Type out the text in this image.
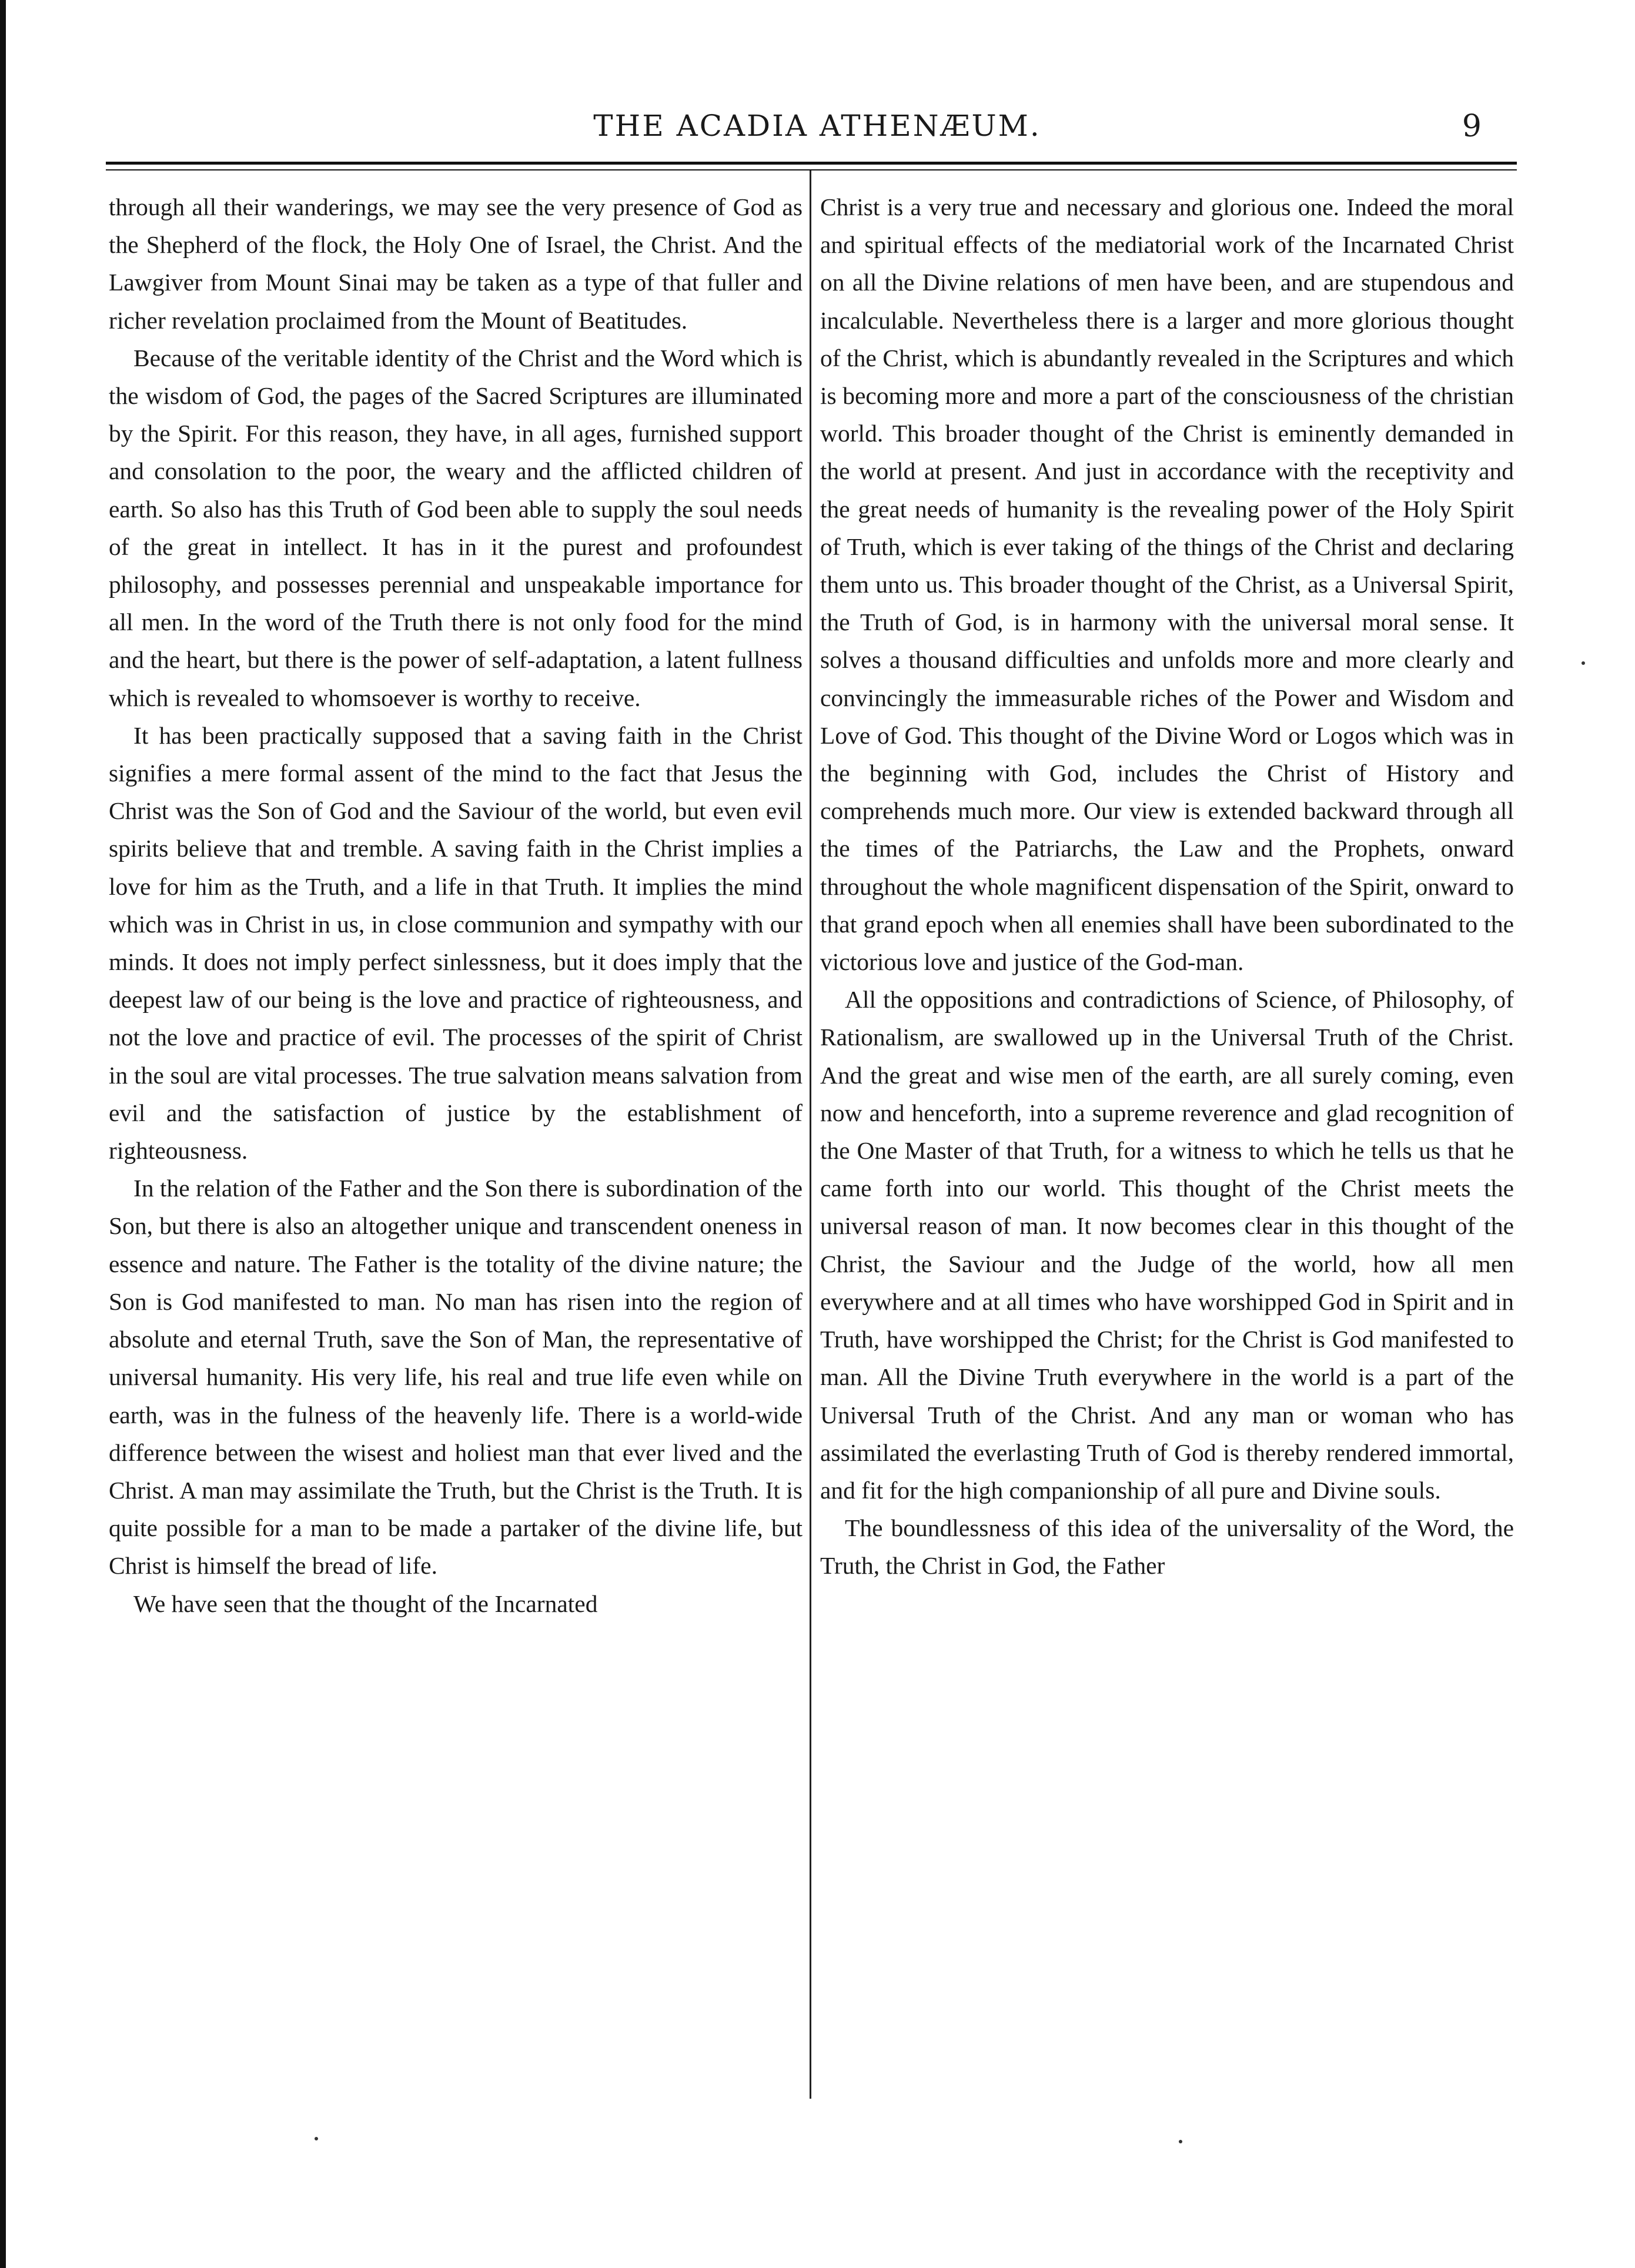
THE ACADIA ATHENÆUM.	9

through all their wanderings, we may see the very presence of God as the Shepherd of the flock, the Holy One of Israel, the Christ. And the Lawgiver from Mount Sinai may be taken as a type of that fuller and richer revelation proclaimed from the Mount of Beatitudes.

Because of the veritable identity of the Christ and the Word which is the wisdom of God, the pages of the Sacred Scriptures are illuminated by the Spirit. For this reason, they have, in all ages, furnished support and consolation to the poor, the weary and the afflicted children of earth. So also has this Truth of God been able to supply the soul needs of the great in intellect. It has in it the purest and profoundest philosophy, and possesses perennial and unspeakable importance for all men. In the word of the Truth there is not only food for the mind and the heart, but there is the power of self-adaptation, a latent fullness which is revealed to whomsoever is worthy to receive.

It has been practically supposed that a saving faith in the Christ signifies a mere formal assent of the mind to the fact that Jesus the Christ was the Son of God and the Saviour of the world, but even evil spirits believe that and tremble. A saving faith in the Christ implies a love for him as the Truth, and a life in that Truth. It implies the mind which was in Christ in us, in close communion and sympathy with our minds. It does not imply perfect sinlessness, but it does imply that the deepest law of our being is the love and practice of righteousness, and not the love and practice of evil. The processes of the spirit of Christ in the soul are vital processes. The true salvation means salvation from evil and the satisfaction of justice by the establishment of righteousness.

In the relation of the Father and the Son there is subordination of the Son, but there is also an altogether unique and transcendent oneness in essence and nature. The Father is the totality of the divine nature; the Son is God manifested to man. No man has risen into the region of absolute and eternal Truth, save the Son of Man, the representative of universal humanity. His very life, his real and true life even while on earth, was in the fulness of the heavenly life. There is a world-wide difference between the wisest and holiest man that ever lived and the Christ. A man may assimilate the Truth, but the Christ is the Truth. It is quite possible for a man to be made a partaker of the divine life, but Christ is himself the bread of life.

We have seen that the thought of the Incarnated

Christ is a very true and necessary and glorious one. Indeed the moral and spiritual effects of the mediatorial work of the Incarnated Christ on all the Divine relations of men have been, and are stupendous and incalculable. Nevertheless there is a larger and more glorious thought of the Christ, which is abundantly revealed in the Scriptures and which is becoming more and more a part of the consciousness of the christian world. This broader thought of the Christ is eminently demanded in the world at present. And just in accordance with the receptivity and the great needs of humanity is the revealing power of the Holy Spirit of Truth, which is ever taking of the things of the Christ and declaring them unto us. This broader thought of the Christ, as a Universal Spirit, the Truth of God, is in harmony with the universal moral sense. It solves a thousand difficulties and unfolds more and more clearly and convincingly the immeasurable riches of the Power and Wisdom and Love of God. This thought of the Divine Word or Logos which was in the beginning with God, includes the Christ of History and comprehends much more. Our view is extended backward through all the times of the Patriarchs, the Law and the Prophets, onward throughout the whole magnificent dispensation of the Spirit, onward to that grand epoch when all enemies shall have been subordinated to the victorious love and justice of the God-man.

All the oppositions and contradictions of Science, of Philosophy, of Rationalism, are swallowed up in the Universal Truth of the Christ. And the great and wise men of the earth, are all surely coming, even now and henceforth, into a supreme reverence and glad recognition of the One Master of that Truth, for a witness to which he tells us that he came forth into our world. This thought of the Christ meets the universal reason of man. It now becomes clear in this thought of the Christ, the Saviour and the Judge of the world, how all men everywhere and at all times who have worshipped God in Spirit and in Truth, have worshipped the Christ; for the Christ is God manifested to man. All the Divine Truth everywhere in the world is a part of the Universal Truth of the Christ. And any man or woman who has assimilated the everlasting Truth of God is thereby rendered immortal, and fit for the high companionship of all pure and Divine souls.

The boundlessness of this idea of the universality of the Word, the Truth, the Christ in God, the Father
